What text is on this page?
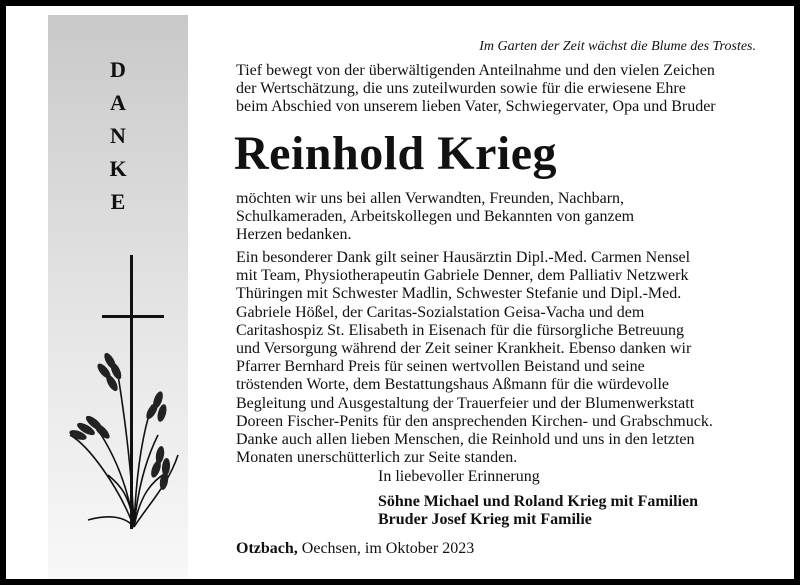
D
A
N
K
E
Im Garten der Zeit wächst die Blume des Trostes.
Tief bewegt von der überwältigenden Anteilnahme und den vielen Zeichen
der Wertschätzung, die uns zuteilwurden sowie für die erwiesene Ehre
beim Abschied von unserem lieben Vater, Schwiegervater, Opa und Bruder
Reinhold Krieg
möchten wir uns bei allen Verwandten, Freunden, Nachbarn,
Schulkameraden, Arbeitskollegen und Bekannten von ganzem
Herzen bedanken.
Ein besonderer Dank gilt seiner Hausärztin Dipl.-Med. Carmen Nensel
mit Team, Physiotherapeutin Gabriele Denner, dem Palliativ Netzwerk
Thüringen mit Schwester Madlin, Schwester Stefanie und Dipl.-Med.
Gabriele Hößel, der Caritas-Sozialstation Geisa-Vacha und dem
Caritashospiz St. Elisabeth in Eisenach für die fürsorgliche Betreuung
und Versorgung während der Zeit seiner Krankheit. Ebenso danken wir
Pfarrer Bernhard Preis für seinen wertvollen Beistand und seine
tröstenden Worte, dem Bestattungshaus Aßmann für die würdevolle
Begleitung und Ausgestaltung der Trauerfeier und der Blumenwerkstatt
Doreen Fischer-Penits für den ansprechenden Kirchen- und Grabschmuck.
Danke auch allen lieben Menschen, die Reinhold und uns in den letzten
Monaten unerschütterlich zur Seite standen.
In liebevoller Erinnerung
Söhne Michael und Roland Krieg mit Familien
Bruder Josef Krieg mit Familie
Otzbach, Oechsen, im Oktober 2023
